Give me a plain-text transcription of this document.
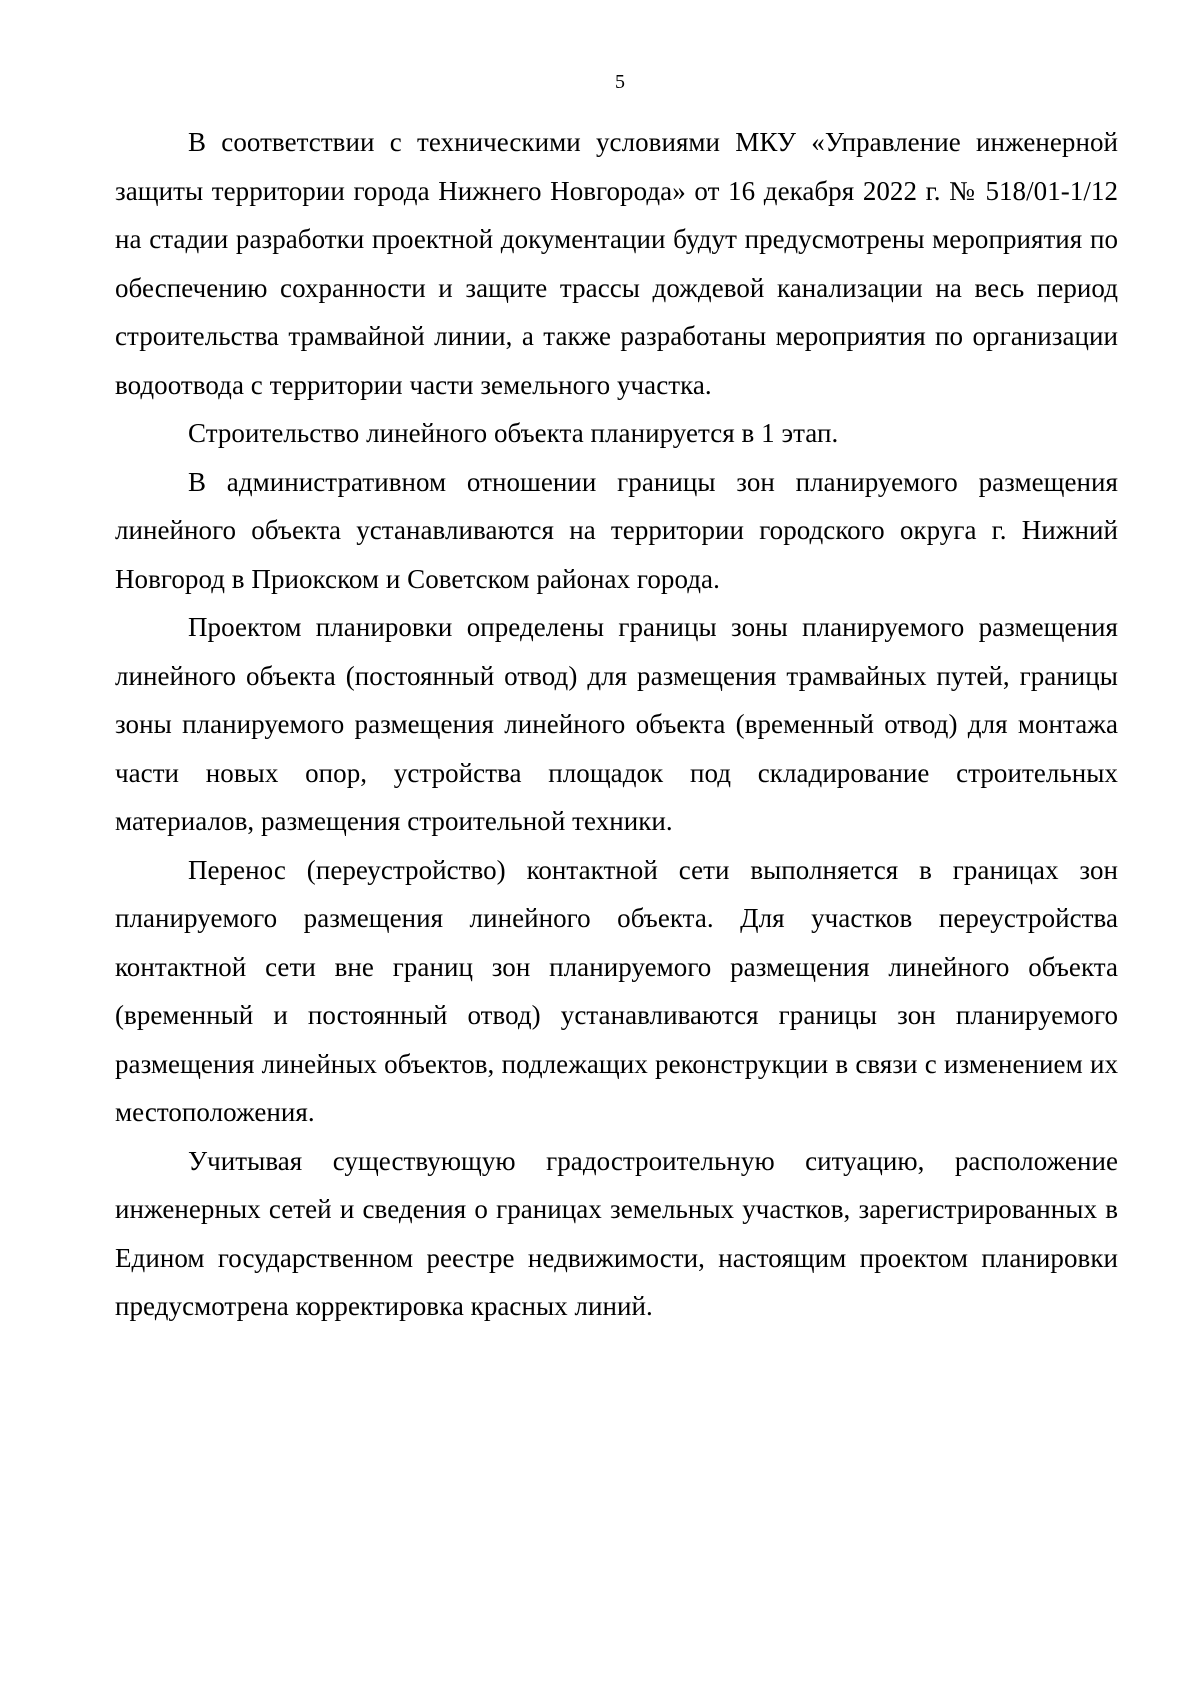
5

В соответствии с техническими условиями МКУ «Управление инженерной защиты территории города Нижнего Новгорода» от 16 декабря 2022 г. № 518/01-1/12 на стадии разработки проектной документации будут предусмотрены мероприятия по обеспечению сохранности и защите трассы дождевой канализации на весь период строительства трамвайной линии, а также разработаны мероприятия по организации водоотвода с территории части земельного участка.

Строительство линейного объекта планируется в 1 этап.

В административном отношении границы зон планируемого размещения линейного объекта устанавливаются на территории городского округа г. Нижний Новгород в Приокском и Советском районах города.

Проектом планировки определены границы зоны планируемого размещения линейного объекта (постоянный отвод) для размещения трамвайных путей, границы зоны планируемого размещения линейного объекта (временный отвод) для монтажа части новых опор, устройства площадок под складирование строительных материалов, размещения строительной техники.

Перенос (переустройство) контактной сети выполняется в границах зон планируемого размещения линейного объекта. Для участков переустройства контактной сети вне границ зон планируемого размещения линейного объекта (временный и постоянный отвод) устанавливаются границы зон планируемого размещения линейных объектов, подлежащих реконструкции в связи с изменением их местоположения.

Учитывая существующую градостроительную ситуацию, расположение инженерных сетей и сведения о границах земельных участков, зарегистрированных в Едином государственном реестре недвижимости, настоящим проектом планировки предусмотрена корректировка красных линий.
